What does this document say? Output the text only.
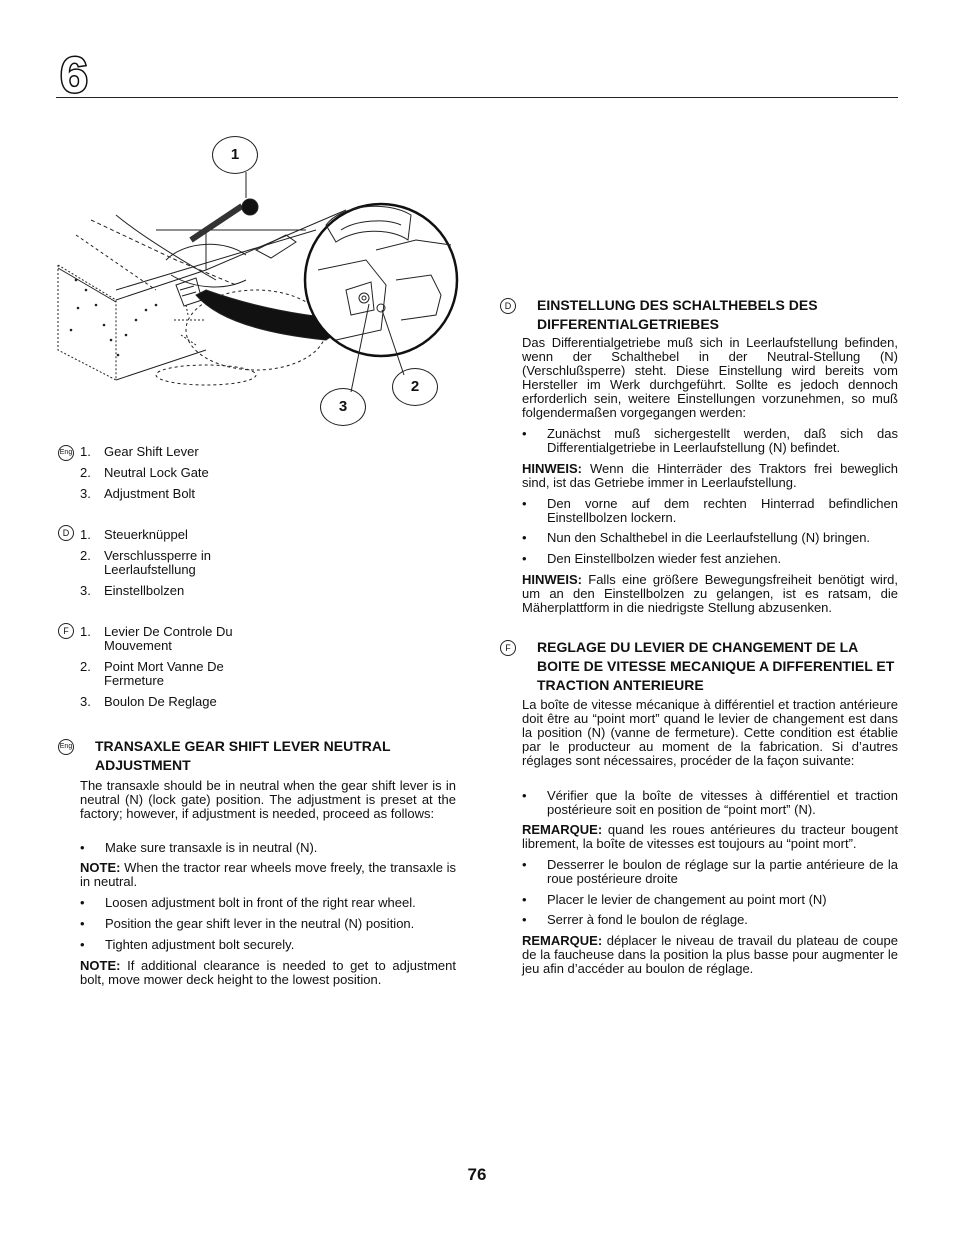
6
1
2
3
Eng 1. Gear Shift Lever
2. Neutral Lock Gate
3. Adjustment Bolt
D 1. Steuerknüppel
2. Verschlussperre in Leerlaufstellung
3. Einstellbolzen
F 1. Levier De Controle Du Mouvement
2. Point Mort Vanne De Fermeture
3. Boulon De Reglage
Eng TRANSAXLE GEAR SHIFT LEVER NEUTRAL ADJUSTMENT
The transaxle should be in neutral when the gear shift lever is in neutral (N) (lock gate) position. The adjustment is preset at the factory; however, if adjustment is needed, proceed as follows:
• Make sure transaxle is in neutral (N).
NOTE: When the tractor rear wheels move freely, the transaxle is in neutral.
• Loosen adjustment bolt in front of the right rear wheel.
• Position the gear shift lever in the neutral (N) position.
• Tighten adjustment bolt securely.
NOTE: If additional clearance is needed to get to adjustment bolt, move mower deck height to the lowest position.
D	EINSTELLUNG DES SCHALTHEBELS DES DIFFERENTIALGETRIEBES
Das Differentialgetriebe muß sich in Leerlaufstellung befinden, wenn der Schalthebel in der Neutral-Stellung (N) (Verschlußsperre) steht. Diese Einstellung wird bereits vom Hersteller im Werk durchgeführt. Sollte es jedoch dennoch erforderlich sein, weitere Einstellungen vorzunehmen, so muß folgendermaßen vorgegangen werden:
• Zunächst muß sichergestellt werden, daß sich das Differentialgetriebe in Leerlaufstellung (N) befindet.
HINWEIS: Wenn die Hinterräder des Traktors frei beweglich sind, ist das Getriebe immer in Leerlaufstellung.
• Den vorne auf dem rechten Hinterrad befindlichen Einstellbolzen lockern.
• Nun den Schalthebel in die Leerlaufstellung (N) bringen.
• Den Einstellbolzen wieder fest anziehen.
HINWEIS: Falls eine größere Bewegungsfreiheit benötigt wird, um an den Einstellbolzen zu gelangen, ist es ratsam, die Mäherplattform in die niedrigste Stellung abzusenken.
F	REGLAGE DU LEVIER DE CHANGEMENT DE LA BOITE DE VITESSE MECANIQUE A DIFFERENTIEL ET TRACTION ANTERIEURE
La boîte de vitesse mécanique à différentiel et traction antérieure doit être au “point mort” quand le levier de changement est dans la position (N) (vanne de fermeture). Cette condition est établie par le producteur au moment de la fabrication. Si d’autres réglages sont nécessaires, procéder de la façon suivante:
• Vérifier que la boîte de vitesses à différentiel et traction postérieure soit en position de “point mort” (N).
REMARQUE: quand les roues antérieures du tracteur bougent librement, la boîte de vitesses est toujours au “point mort”.
• Desserrer le boulon de réglage sur la partie antérieure de la roue postérieure droite
• Placer le levier de changement au point mort (N)
• Serrer à fond le boulon de réglage.
REMARQUE: déplacer le niveau de travail du plateau de coupe de la faucheuse dans la position la plus basse pour augmenter le jeu afin d’accéder au boulon de réglage.
76
